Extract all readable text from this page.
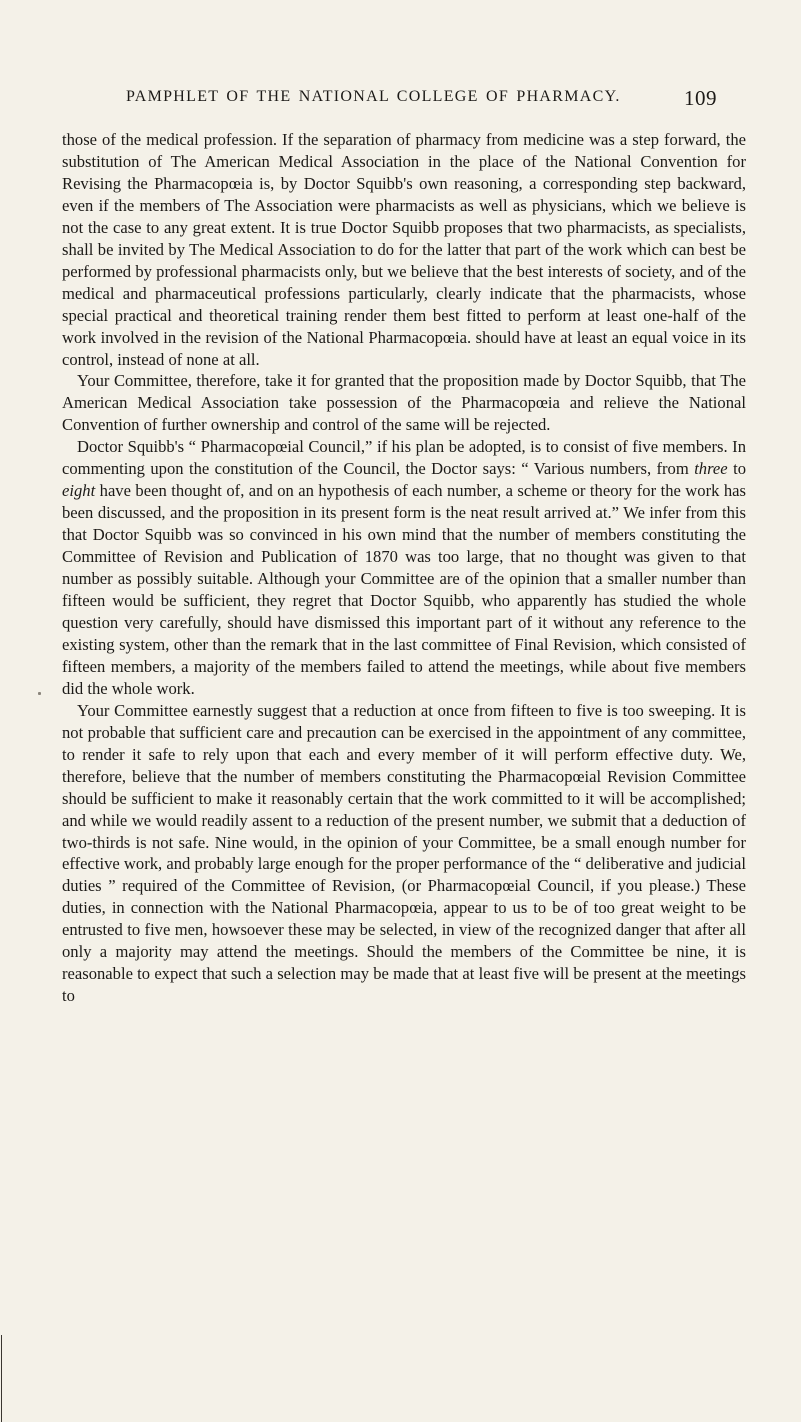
PAMPHLET OF THE NATIONAL COLLEGE OF PHARMACY.	109

those of the medical profession. If the separation of pharmacy from medicine was a step forward, the substitution of The American Medical Association in the place of the National Convention for Revising the Pharmacopœia is, by Doctor Squibb's own reasoning, a corresponding step backward, even if the members of The Association were pharmacists as well as physicians, which we believe is not the case to any great extent. It is true Doctor Squibb proposes that two pharmacists, as specialists, shall be invited by The Medical Association to do for the latter that part of the work which can best be performed by professional pharmacists only, but we believe that the best interests of society, and of the medical and pharmaceutical professions particularly, clearly indicate that the pharmacists, whose special practical and theoretical training render them best fitted to perform at least one-half of the work involved in the revision of the National Pharmacopœia. should have at least an equal voice in its control, instead of none at all.

Your Committee, therefore, take it for granted that the proposition made by Doctor Squibb, that The American Medical Association take possession of the Pharmacopœia and relieve the National Convention of further ownership and control of the same will be rejected.

Doctor Squibb's “ Pharmacopœial Council,” if his plan be adopted, is to consist of five members. In commenting upon the constitution of the Council, the Doctor says: “ Various numbers, from three to eight have been thought of, and on an hypothesis of each number, a scheme or theory for the work has been discussed, and the proposition in its present form is the neat result arrived at.” We infer from this that Doctor Squibb was so convinced in his own mind that the number of members constituting the Committee of Revision and Publication of 1870 was too large, that no thought was given to that number as possibly suitable. Although your Committee are of the opinion that a smaller number than fifteen would be sufficient, they regret that Doctor Squibb, who apparently has studied the whole question very carefully, should have dismissed this important part of it without any reference to the existing system, other than the remark that in the last committee of Final Revision, which consisted of fifteen members, a majority of the members failed to attend the meetings, while about five members did the whole work.

Your Committee earnestly suggest that a reduction at once from fifteen to five is too sweeping. It is not probable that sufficient care and precaution can be exercised in the appointment of any committee, to render it safe to rely upon that each and every member of it will perform effective duty. We, therefore, believe that the number of members constituting the Pharmacopœial Revision Committee should be sufficient to make it reasonably certain that the work committed to it will be accomplished; and while we would readily assent to a reduction of the present number, we submit that a deduction of two-thirds is not safe. Nine would, in the opinion of your Committee, be a small enough number for effective work, and probably large enough for the proper performance of the “ deliberative and judicial duties ” required of the Committee of Revision, (or Pharmacopœial Council, if you please.) These duties, in connection with the National Pharmacopœia, appear to us to be of too great weight to be entrusted to five men, howsoever these may be selected, in view of the recognized danger that after all only a majority may attend the meetings. Should the members of the Committee be nine, it is reasonable to expect that such a selection may be made that at least five will be present at the meetings to
